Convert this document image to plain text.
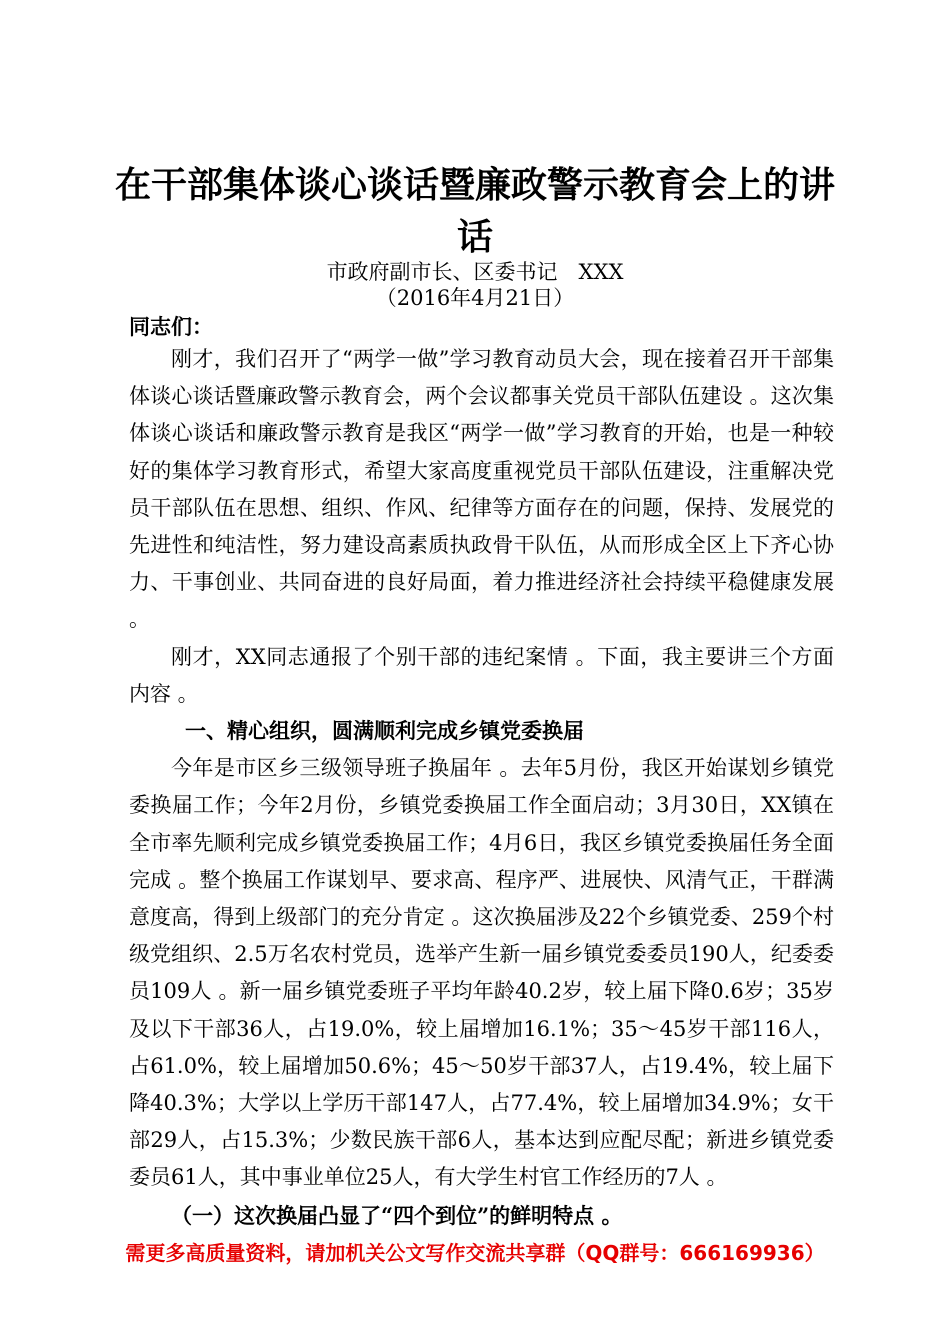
在干部集体谈心谈话暨廉政警示教育会上的讲
话

市政府副市长、区委书记　XXX

（2016年4月21日）

同志们：

刚才，我们召开了“两学一做”学习教育动员大会，现在接着召开干部集体谈心谈话暨廉政警示教育会，两个会议都事关党员干部队伍建设 。这次集体谈心谈话和廉政警示教育是我区“两学一做”学习教育的开始，也是一种较好的集体学习教育形式，希望大家高度重视党员干部队伍建设，注重解决党员干部队伍在思想、组织、作风、纪律等方面存在的问题，保持、发展党的先进性和纯洁性，努力建设高素质执政骨干队伍，从而形成全区上下齐心协力、干事创业、共同奋进的良好局面，着力推进经济社会持续平稳健康发展 。

刚才，XX同志通报了个别干部的违纪案情 。下面，我主要讲三个方面内容 。

一、精心组织，圆满顺利完成乡镇党委换届

今年是市区乡三级领导班子换届年 。去年5月份，我区开始谋划乡镇党委换届工作；今年2月份，乡镇党委换届工作全面启动；3月30日，XX镇在全市率先顺利完成乡镇党委换届工作；4月6日，我区乡镇党委换届任务全面完成 。整个换届工作谋划早、要求高、程序严、进展快、风清气正，干群满意度高，得到上级部门的充分肯定 。这次换届涉及22个乡镇党委、259个村级党组织、2.5万名农村党员，选举产生新一届乡镇党委委员190人，纪委委员109人 。新一届乡镇党委班子平均年龄40.2岁，较上届下降0.6岁；35岁及以下干部36人，占19.0%，较上届增加16.1%；35～45岁干部116人，占61.0%，较上届增加50.6%；45～50岁干部37人，占19.4%，较上届下降40.3%；大学以上学历干部147人，占77.4%，较上届增加34.9%；女干部29人，占15.3%；少数民族干部6人，基本达到应配尽配；新进乡镇党委委员61人，其中事业单位25人，有大学生村官工作经历的7人 。

（一）这次换届凸显了“四个到位”的鲜明特点 。

需更多高质量资料，请加机关公文写作交流共享群（QQ群号：666169936）
